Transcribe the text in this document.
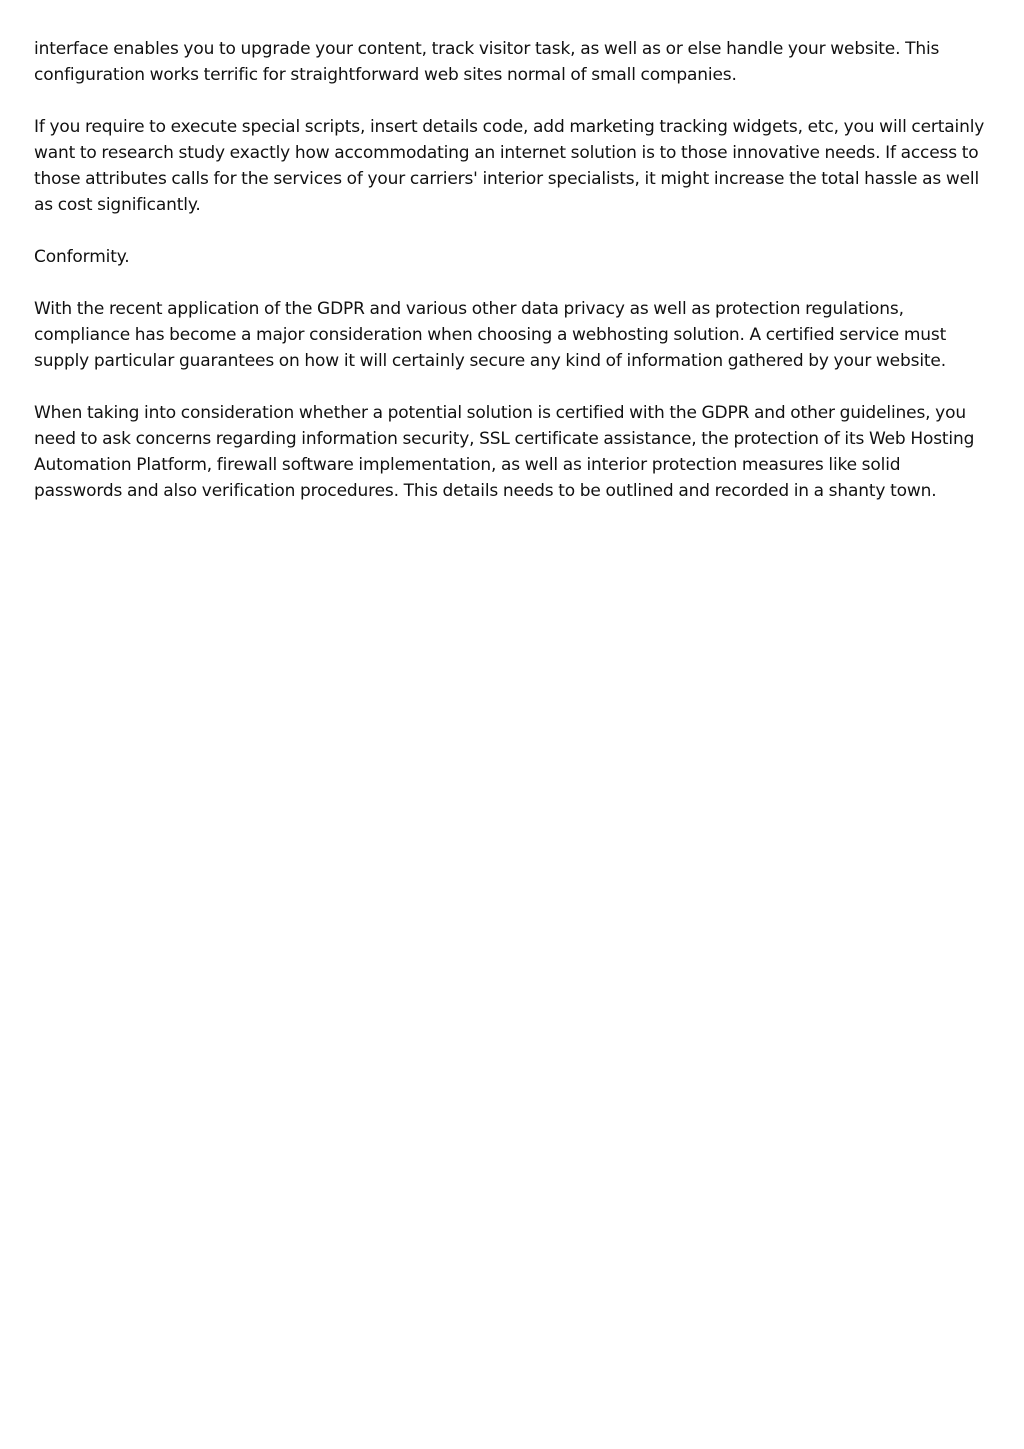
interface enables you to upgrade your content, track visitor task, as well as or else handle your website. This configuration works terrific for straightforward web sites normal of small companies.

If you require to execute special scripts, insert details code, add marketing tracking widgets, etc, you will certainly want to research study exactly how accommodating an internet solution is to those innovative needs. If access to those attributes calls for the services of your carriers' interior specialists, it might increase the total hassle as well as cost significantly.

Conformity.

With the recent application of the GDPR and various other data privacy as well as protection regulations, compliance has become a major consideration when choosing a webhosting solution. A certified service must supply particular guarantees on how it will certainly secure any kind of information gathered by your website.

When taking into consideration whether a potential solution is certified with the GDPR and other guidelines, you need to ask concerns regarding information security, SSL certificate assistance, the protection of its Web Hosting Automation Platform, firewall software implementation, as well as interior protection measures like solid passwords and also verification procedures. This details needs to be outlined and recorded in a shanty town.
